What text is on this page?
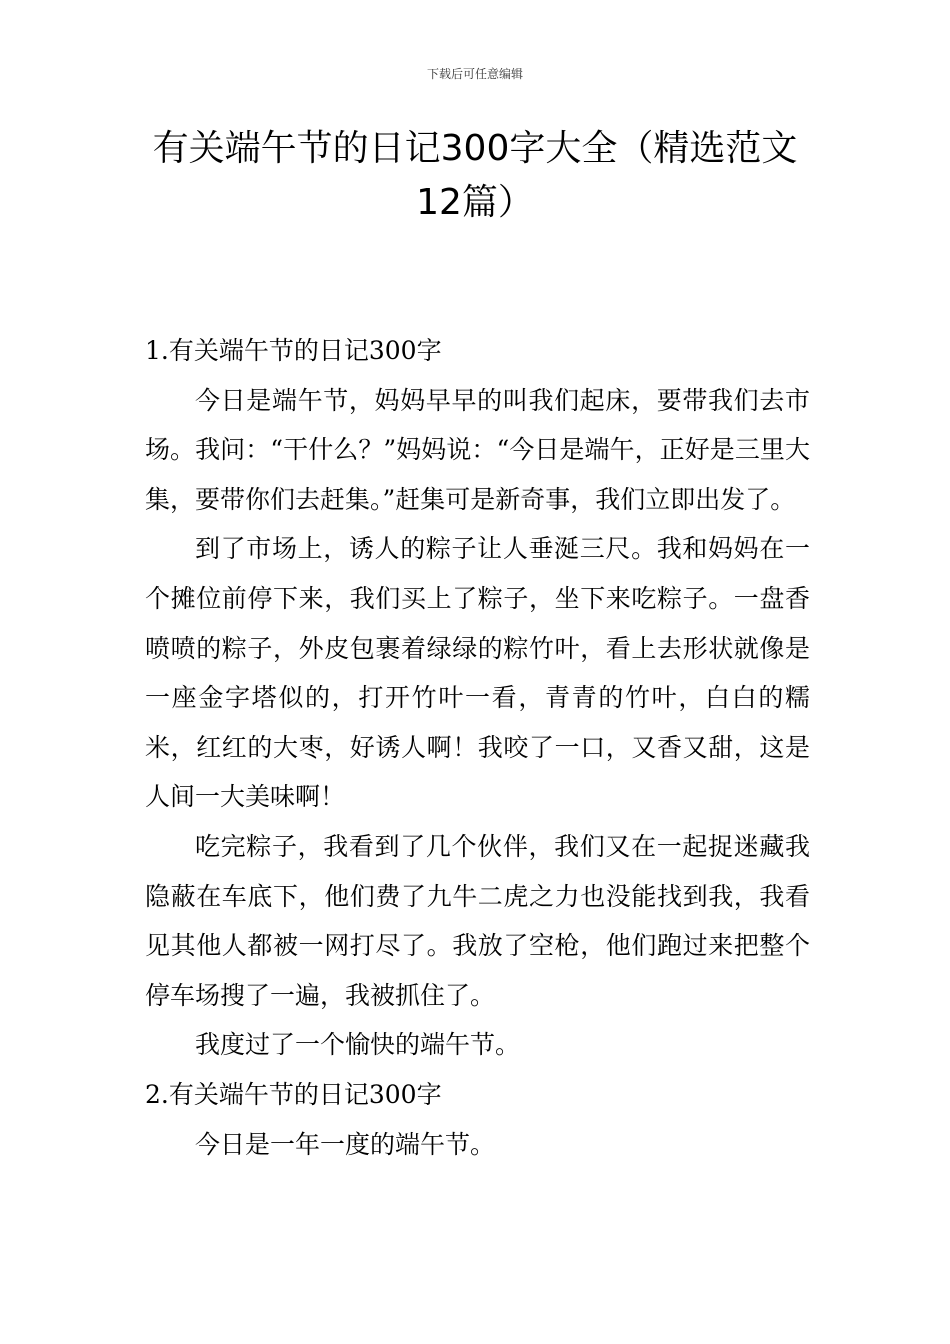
下载后可任意编辑
有关端午节的日记300字大全（精选范文
12篇）

1.有关端午节的日记300字

今日是端午节，妈妈早早的叫我们起床，要带我们去市场。我问：“干什么？”妈妈说：“今日是端午，正好是三里大集，要带你们去赶集。”赶集可是新奇事，我们立即出发了。

到了市场上，诱人的粽子让人垂涎三尺。我和妈妈在一个摊位前停下来，我们买上了粽子，坐下来吃粽子。一盘香喷喷的粽子，外皮包裹着绿绿的粽竹叶，看上去形状就像是一座金字塔似的，打开竹叶一看，青青的竹叶，白白的糯米，红红的大枣，好诱人啊！我咬了一口，又香又甜，这是人间一大美味啊！

吃完粽子，我看到了几个伙伴，我们又在一起捉迷藏我隐蔽在车底下，他们费了九牛二虎之力也没能找到我，我看见其他人都被一网打尽了。我放了空枪，他们跑过来把整个停车场搜了一遍，我被抓住了。

我度过了一个愉快的端午节。

2.有关端午节的日记300字

今日是一年一度的端午节。
